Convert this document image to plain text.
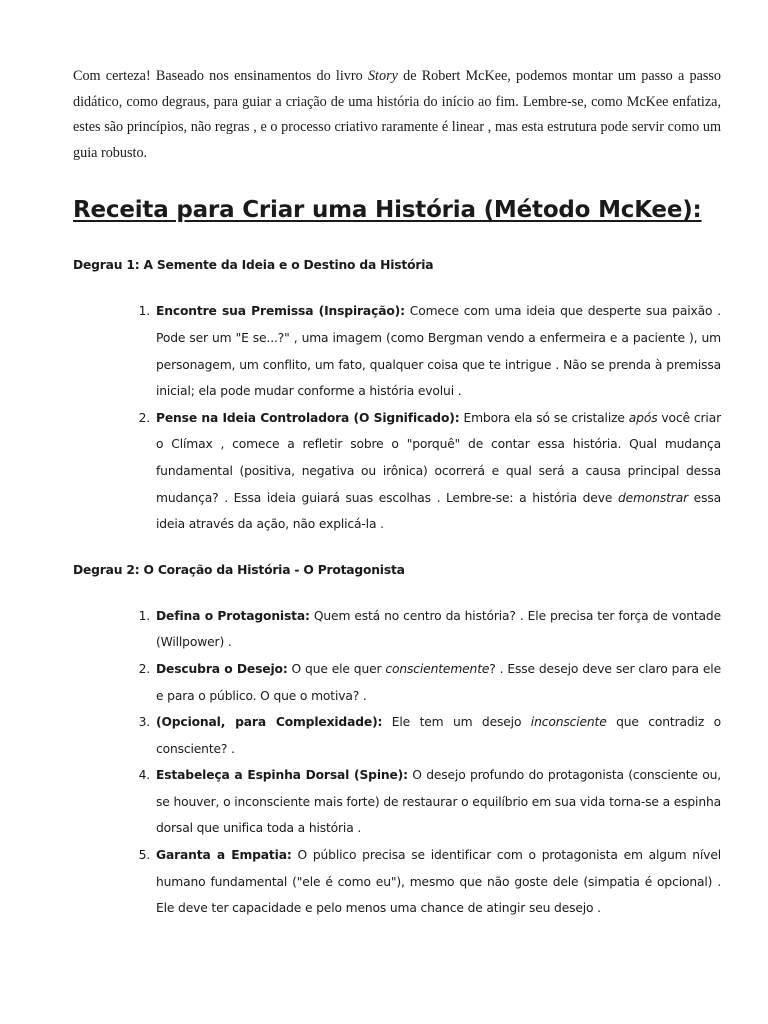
Com certeza! Baseado nos ensinamentos do livro Story de Robert McKee, podemos montar um passo a passo didático, como degraus, para guiar a criação de uma história do início ao fim. Lembre-se, como McKee enfatiza, estes são princípios, não regras , e o processo criativo raramente é linear , mas esta estrutura pode servir como um guia robusto.

Receita para Criar uma História (Método McKee):

Degrau 1: A Semente da Ideia e o Destino da História

1. Encontre sua Premissa (Inspiração): Comece com uma ideia que desperte sua paixão . Pode ser um "E se...?" , uma imagem (como Bergman vendo a enfermeira e a paciente ), um personagem, um conflito, um fato, qualquer coisa que te intrigue . Não se prenda à premissa inicial; ela pode mudar conforme a história evolui .
2. Pense na Ideia Controladora (O Significado): Embora ela só se cristalize após você criar o Clímax , comece a refletir sobre o "porquê" de contar essa história. Qual mudança fundamental (positiva, negativa ou irônica) ocorrerá e qual será a causa principal dessa mudança? . Essa ideia guiará suas escolhas . Lembre-se: a história deve demonstrar essa ideia através da ação, não explicá-la .

Degrau 2: O Coração da História - O Protagonista

1. Defina o Protagonista: Quem está no centro da história? . Ele precisa ter força de vontade (Willpower) .
2. Descubra o Desejo: O que ele quer conscientemente? . Esse desejo deve ser claro para ele e para o público. O que o motiva? .
3. (Opcional, para Complexidade): Ele tem um desejo inconsciente que contradiz o consciente? .
4. Estabeleça a Espinha Dorsal (Spine): O desejo profundo do protagonista (consciente ou, se houver, o inconsciente mais forte) de restaurar o equilíbrio em sua vida torna-se a espinha dorsal que unifica toda a história .
5. Garanta a Empatia: O público precisa se identificar com o protagonista em algum nível humano fundamental ("ele é como eu"), mesmo que não goste dele (simpatia é opcional) . Ele deve ter capacidade e pelo menos uma chance de atingir seu desejo .
